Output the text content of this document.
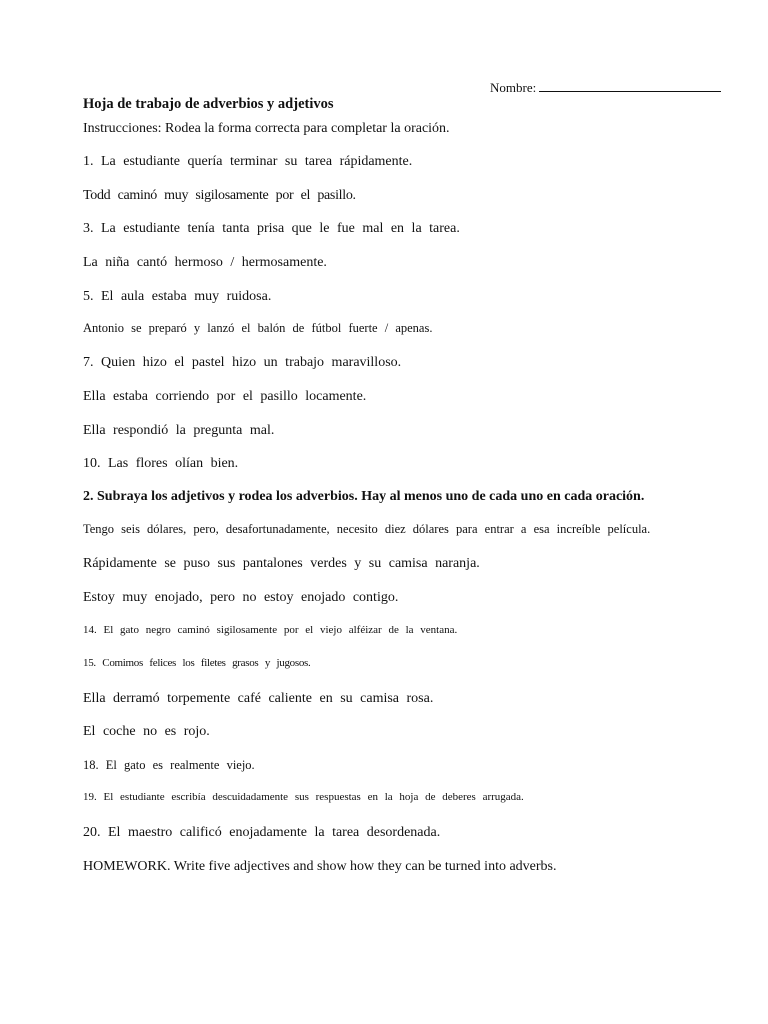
Nombre:
Hoja de trabajo de adverbios y adjetivos
Instrucciones: Rodea la forma correcta para completar la oración.
1. La estudiante quería terminar su tarea rápidamente.
Todd caminó muy sigilosamente por el pasillo.
3. La estudiante tenía tanta prisa que le fue mal en la tarea.
La niña cantó hermoso / hermosamente.
5. El aula estaba muy ruidosa.
Antonio se preparó y lanzó el balón de fútbol fuerte / apenas.
7. Quien hizo el pastel hizo un trabajo maravilloso.
Ella estaba corriendo por el pasillo locamente.
Ella respondió la pregunta mal.
10. Las flores olían bien.
2. Subraya los adjetivos y rodea los adverbios. Hay al menos uno de cada uno en cada oración.
Tengo seis dólares, pero, desafortunadamente, necesito diez dólares para entrar a esa increíble película.
Rápidamente se puso sus pantalones verdes y su camisa naranja.
Estoy muy enojado, pero no estoy enojado contigo.
14. El gato negro caminó sigilosamente por el viejo alféizar de la ventana.
15. Comimos felices los filetes grasos y jugosos.
Ella derramó torpemente café caliente en su camisa rosa.
El coche no es rojo.
18. El gato es realmente viejo.
19. El estudiante escribía descuidadamente sus respuestas en la hoja de deberes arrugada.
20. El maestro calificó enojadamente la tarea desordenada.
HOMEWORK. Write five adjectives and show how they can be turned into adverbs.
